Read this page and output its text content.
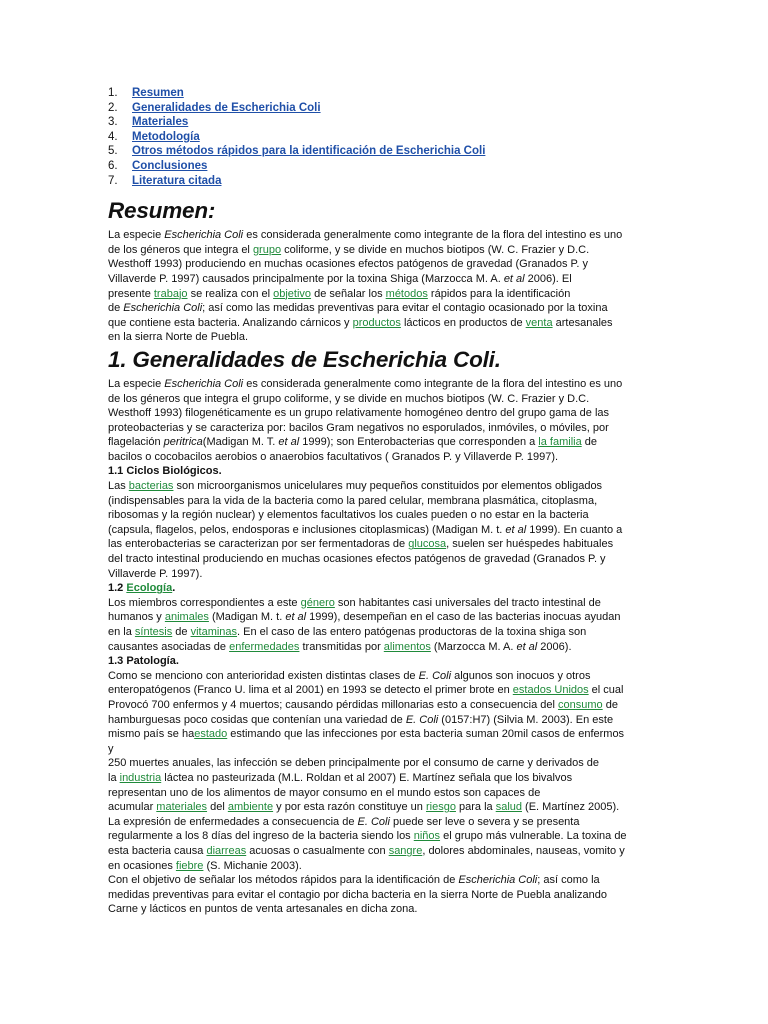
1. Resumen
2. Generalidades de Escherichia Coli
3. Materiales
4. Metodología
5. Otros métodos rápidos para la identificación de Escherichia Coli
6. Conclusiones
7. Literatura citada
Resumen:

La especie Escherichia Coli es considerada generalmente como integrante de la flora del intestino es uno
de los géneros que integra el grupo coliforme, y se divide en muchos biotipos (W. C. Frazier y D.C.
Westhoff 1993) produciendo en muchas ocasiones efectos patógenos de gravedad (Granados P. y
Villaverde P. 1997) causados principalmente por la toxina Shiga (Marzocca M. A. et al 2006). El
presente trabajo se realiza con el objetivo de señalar los métodos rápidos para la identificación
de Escherichia Coli; así como las medidas preventivas para evitar el contagio ocasionado por la toxina
que contiene esta bacteria. Analizando cárnicos y productos lácticos en productos de venta artesanales
en la sierra Norte de Puebla.

1. Generalidades de Escherichia Coli.

La especie Escherichia Coli es considerada generalmente como integrante de la flora del intestino es uno
de los géneros que integra el grupo coliforme, y se divide en muchos biotipos (W. C. Frazier y D.C.
Westhoff 1993) filogenéticamente es un grupo relativamente homogéneo dentro del grupo gama de las
proteobacterias y se caracteriza por: bacilos Gram negativos no esporulados, inmóviles, o móviles, por
flagelación peritrica(Madigan M. T. et al 1999); son Enterobacterias que corresponden a la familia de
bacilos o cocobacilos aerobios o anaerobios facultativos ( Granados P. y Villaverde P. 1997).

1.1 Ciclos Biológicos.

Las bacterias son microorganismos unicelulares muy pequeños constituidos por elementos obligados
(indispensables para la vida de la bacteria como la pared celular, membrana plasmática, citoplasma,
ribosomas y la región nuclear) y elementos facultativos los cuales pueden o no estar en la bacteria
(capsula, flagelos, pelos, endosporas e inclusiones citoplasmicas) (Madigan M. t. et al 1999). En cuanto a
las enterobacterias se caracterizan por ser fermentadoras de glucosa, suelen ser huéspedes habituales
del tracto intestinal produciendo en muchas ocasiones efectos patógenos de gravedad (Granados P. y
Villaverde P. 1997).

1.2 Ecología.

Los miembros correspondientes a este género son habitantes casi universales del tracto intestinal de
humanos y animales (Madigan M. t. et al 1999), desempeñan en el caso de las bacterias inocuas ayudan
en la síntesis de vitaminas. En el caso de las entero patógenas productoras de la toxina shiga son
causantes asociadas de enfermedades transmitidas por alimentos (Marzocca M. A. et al 2006).

1.3 Patología.

Como se menciono con anterioridad existen distintas clases de E. Coli algunos son inocuos y otros
enteropatógenos (Franco U. lima et al 2001) en 1993 se detecto el primer brote en estados Unidos el cual
Provocó 700 enfermos y 4 muertos; causando pérdidas millonarias esto a consecuencia del consumo de
hamburguesas poco cosidas que contenían una variedad de E. Coli (0157:H7) (Silvia M. 2003). En este
mismo país se haestado estimando que las infecciones por esta bacteria suman 20mil casos de enfermos
y
250 muertes anuales, las infección se deben principalmente por el consumo de carne y derivados de
la industria láctea no pasteurizada (M.L. Roldan et al 2007) E. Martínez señala que los bivalvos
representan uno de los alimentos de mayor consumo en el mundo estos son capaces de
acumular materiales del ambiente y por esta razón constituye un riesgo para la salud (E. Martínez 2005).
La expresión de enfermedades a consecuencia de E. Coli puede ser leve o severa y se presenta
regularmente a los 8 días del ingreso de la bacteria siendo los niños el grupo más vulnerable. La toxina de
esta bacteria causa diarreas acuosas o casualmente con sangre, dolores abdominales, nauseas, vomito y
en ocasiones fiebre (S. Michanie 2003).
Con el objetivo de señalar los métodos rápidos para la identificación de Escherichia Coli; así como la
medidas preventivas para evitar el contagio por dicha bacteria en la sierra Norte de Puebla analizando
Carne y lácticos en puntos de venta artesanales en dicha zona.
